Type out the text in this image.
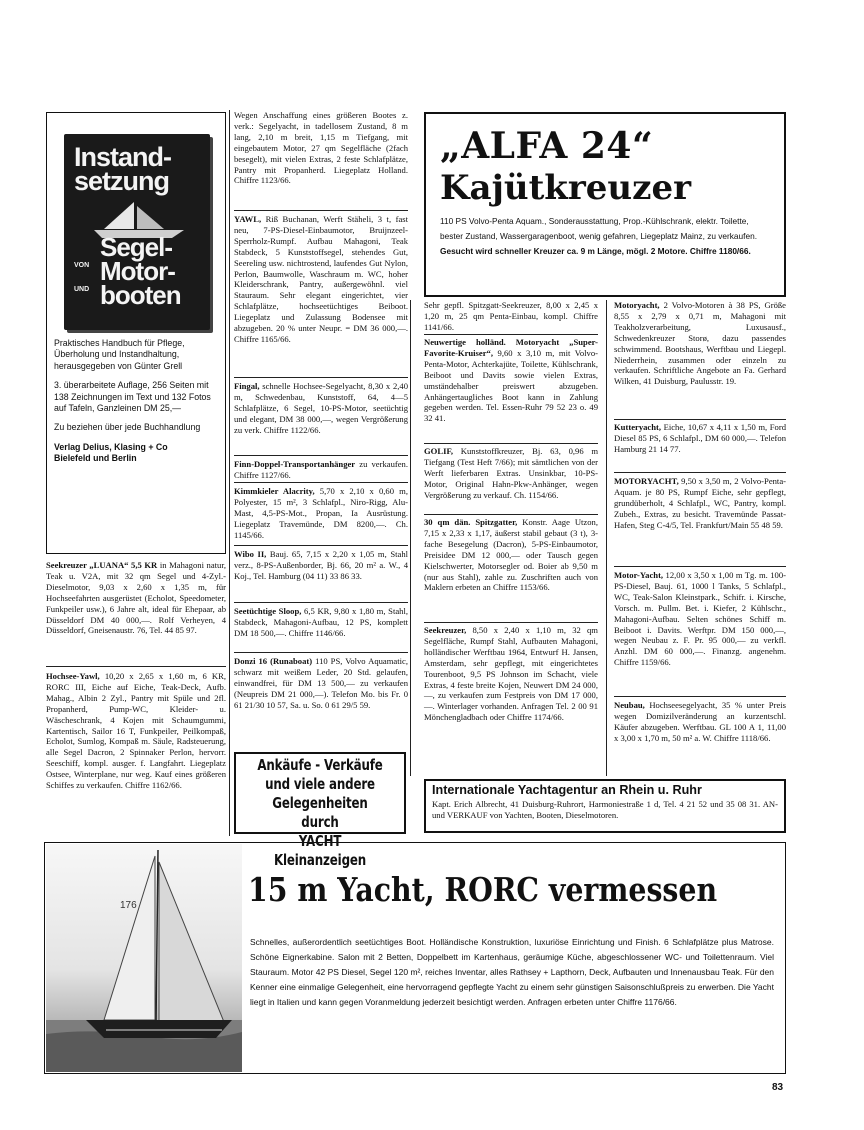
Instand-
setzung
Segel-
VON Motor-
UND booten

Praktisches Handbuch für Pflege, Überholung und Instandhaltung, herausgegeben von Günter Grell

3. überarbeitete Auflage, 256 Seiten mit 138 Zeichnungen im Text und 132 Fotos auf Tafeln, Ganzleinen DM 25,—

Zu beziehen über jede Buchhandlung

Verlag Delius, Klasing + Co
Bielefeld und Berlin
Seekreuzer „LUANA“ 5,5 KR in Mahagoni natur, Teak u. V2A, mit 32 qm Segel und 4-Zyl.-Dieselmotor, 9,03 x 2,60 x 1,35 m, für Hochseefahrten ausgerüstet (Echolot, Speedometer, Funkpeiler usw.), 6 Jahre alt, ideal für Ehepaar, ab Düsseldorf DM 40 000,—. Rolf Verheyen, 4 Düsseldorf, Gneisenaustr. 76, Tel. 44 85 97.
Hochsee-Yawl, 10,20 x 2,65 x 1,60 m, 6 KR, RORC III, Eiche auf Eiche, Teak-Deck, Aufb. Mahag., Albin 2 Zyl., Pantry mit Spüle und 2fl. Propanherd, Pump-WC, Kleider- u. Wäscheschrank, 4 Kojen mit Schaumgummi, Kartentisch, Sailor 16 T, Funkpeiler, Peilkompaß, Echolot, Sumlog, Kompaß m. Säule, Radsteuerung, alle Segel Dacron, 2 Spinnaker Perlon, hervorr. Seeschiff, kompl. ausger. f. Langfahrt. Liegeplatz Ostsee, Winterplane, nur weg. Kauf eines größeren Schiffes zu verkaufen. Chiffre 1162/66.
Wegen Anschaffung eines größeren Bootes z. verk.: Segelyacht, in tadellosem Zustand, 8 m lang, 2,10 m breit, 1,15 m Tiefgang, mit eingebautem Motor, 27 qm Segelfläche (2fach besegelt), mit vielen Extras, 2 feste Schlafplätze, Pantry mit Propanherd. Liegeplatz Holland. Chiffre 1123/66.
YAWL, Riß Buchanan, Werft Stäheli, 3 t, fast neu, 7-PS-Diesel-Einbaumotor, Bruijnzeel-Sperrholz-Rumpf. Aufbau Mahagoni, Teak Stabdeck, 5 Kunststoffsegel, stehendes Gut, Seereling usw. nichtrostend, laufendes Gut Nylon, Perlon, Baumwolle, Waschraum m. WC, hoher Kleiderschrank, Pantry, außergewöhnl. viel Stauraum. Sehr elegant eingerichtet, vier Schlafplätze, hochseetüchtiges Beiboot. Liegeplatz und Zulassung Bodensee mit abzugeben. 20 % unter Neupr. = DM 36 000,—. Chiffre 1165/66.
Fingal, schnelle Hochsee-Segelyacht, 8,30 x 2,40 m, Schwedenbau, Kunststoff, 64, 4—5 Schlafplätze, 6 Segel, 10-PS-Motor, seetüchtig und elegant, DM 38 000,—, wegen Vergrößerung zu verk. Chiffre 1122/66.
Finn-Doppel-Transportanhänger zu verkaufen. Chiffre 1127/66.
Kimmkieler Alacrity, 5,70 x 2,10 x 0,60 m, Polyester, 15 m², 3 Schlafpl., Niro-Rigg, Alu-Mast, 4,5-PS-Mot., Propan, Ia Ausrüstung. Liegeplatz Travemünde, DM 8200,—. Ch. 1145/66.
Wibo II, Bauj. 65, 7,15 x 2,20 x 1,05 m, Stahl verz., 8-PS-Außenborder, Bj. 66, 20 m² a. W., 4 Koj., Tel. Hamburg (04 11) 33 86 33.
Seetüchtige Sloop, 6,5 KR, 9,80 x 1,80 m, Stahl, Stabdeck, Mahagoni-Aufbau, 12 PS, komplett DM 18 500,—. Chiffre 1146/66.
Donzi 16 (Runaboat) 110 PS, Volvo Aquamatic, schwarz mit weißem Leder, 20 Std. gelaufen, einwandfrei, für DM 13 500,— zu verkaufen (Neupreis DM 21 000,—). Telefon Mo. bis Fr. 0 61 21/30 10 57, Sa. u. So. 0 61 29/5 59.
Ankäufe - Verkäufe
und viele andere
Gelegenheiten durch
YACHT Kleinanzeigen
„ALFA 24“
Kajütkreuzer
110 PS Volvo-Penta Aquam., Sonderausstattung, Prop.-Kühlschrank, elektr. Toilette, bester Zustand, Wassergaragenboot, wenig gefahren, Liegeplatz Mainz, zu verkaufen. Gesucht wird schneller Kreuzer ca. 9 m Länge, mögl. 2 Motore. Chiffre 1180/66.
Sehr gepfl. Spitzgatt-Seekreuzer, 8,00 x 2,45 x 1,20 m, 25 qm Penta-Einbau, kompl. Chiffre 1141/66.
Neuwertige holländ. Motoryacht „Super-Favorite-Kruiser“, 9,60 x 3,10 m, mit Volvo-Penta-Motor, Achterkajüte, Toilette, Kühlschrank, Beiboot und Davits sowie vielen Extras, umständehalber preiswert abzugeben. Anhängertaugliches Boot kann in Zahlung gegeben werden. Tel. Essen-Ruhr 79 52 23 o. 49 32 41.
GOLIF, Kunststoffkreuzer, Bj. 63, 0,96 m Tiefgang (Test Heft 7/66); mit sämtlichen von der Werft lieferbaren Extras. Unsinkbar, 10-PS-Motor, Original Hahn-Pkw-Anhänger, wegen Vergrößerung zu verkauf. Ch. 1154/66.
30 qm dän. Spitzgatter, Konstr. Aage Utzon, 7,15 x 2,33 x 1,17, äußerst stabil gebaut (3 t), 3-fache Besegelung (Dacron), 5-PS-Einbaumotor, Preisidee DM 12 000,— oder Tausch gegen Kielschwerter, Motorsegler od. Boier ab 9,50 m (nur aus Stahl), zahle zu. Zuschriften auch von Maklern erbeten an Chiffre 1153/66.
Seekreuzer, 8,50 x 2,40 x 1,10 m, 32 qm Segelfläche, Rumpf Stahl, Aufbauten Mahagoni, holländischer Werftbau 1964, Entwurf H. Jansen, Amsterdam, sehr gepflegt, mit eingerichtetes Tourenboot, 9,5 PS Johnson im Schacht, viele Extras, 4 feste breite Kojen, Neuwert DM 24 000,—, zu verkaufen zum Festpreis von DM 17 000,—. Winterlager vorhanden. Anfragen Tel. 2 00 91 Mönchengladbach oder Chiffre 1174/66.
Motoryacht, 2 Volvo-Motoren à 38 PS, Größe 8,55 x 2,79 x 0,71 m, Mahagoni mit Teakholzverarbeitung, Luxusausf., Schwedenkreuzer Storø, dazu passendes schwimmend. Bootshaus, Werftbau und Liegepl. Niederrhein, zusammen oder einzeln zu verkaufen. Schriftliche Angebote an Fa. Gerhard Wilken, 41 Duisburg, Paulusstr. 19.
Kutteryacht, Eiche, 10,67 x 4,11 x 1,50 m, Ford Diesel 85 PS, 6 Schlafpl., DM 60 000,—. Telefon Hamburg 21 14 77.
MOTORYACHT, 9,50 x 3,50 m, 2 Volvo-Penta-Aquam. je 80 PS, Rumpf Eiche, sehr gepflegt, grundüberholt, 4 Schlafpl., WC, Pantry, kompl. Zubeh., Extras, zu besicht. Travemünde Passat-Hafen, Steg C-4/5, Tel. Frankfurt/Main 55 48 59.
Motor-Yacht, 12,00 x 3,50 x 1,00 m Tg. m. 100-PS-Diesel, Bauj. 61, 1000 l Tanks, 5 Schlafpl., WC, Teak-Salon Kleinstpark., Schifr. i. Kirsche, Vorsch. m. Pullm. Bet. i. Kiefer, 2 Kühlschr., Mahagoni-Aufbau. Selten schönes Schiff m. Beiboot i. Davits. Werftpr. DM 150 000,—, wegen Neubau z. F. Pr. 95 000,— zu verkfl. Anzhl. DM 60 000,—. Finanzg. angenehm. Chiffre 1159/66.
Neubau, Hochseesegelyacht, 35 % unter Preis wegen Domizilveränderung an kurzentschl. Käufer abzugeben. Werftbau. GL 100 A 1, 11,00 x 3,00 x 1,70 m, 50 m² a. W. Chiffre 1118/66.
Internationale Yachtagentur an Rhein u. Ruhr
Kapt. Erich Albrecht, 41 Duisburg-Ruhrort, Harmoniestraße 1 d, Tel. 4 21 52 und 35 08 31. AN- und VERKAUF von Yachten, Booten, Dieselmotoren.
176	15 m Yacht, RORC vermessen
Schnelles, außerordentlich seetüchtiges Boot. Holländische Konstruktion, luxuriöse Einrichtung und Finish. 6 Schlafplätze plus Matrose. Schöne Eignerkabine. Salon mit 2 Betten, Doppelbett im Kartenhaus, geräumige Küche, abgeschlossener WC- und Toilettenraum. Viel Stauraum. Motor 42 PS Diesel, Segel 120 m², reiches Inventar, alles Rathsey + Lapthorn, Deck, Aufbauten und Innenausbau Teak. Für den Kenner eine einmalige Gelegenheit, eine hervorragend gepflegte Yacht zu einem sehr günstigen Saisonschlußpreis zu erwerben. Die Yacht liegt in Italien und kann gegen Voranmeldung jederzeit besichtigt werden. Anfragen erbeten unter Chiffre 1176/66.
83
